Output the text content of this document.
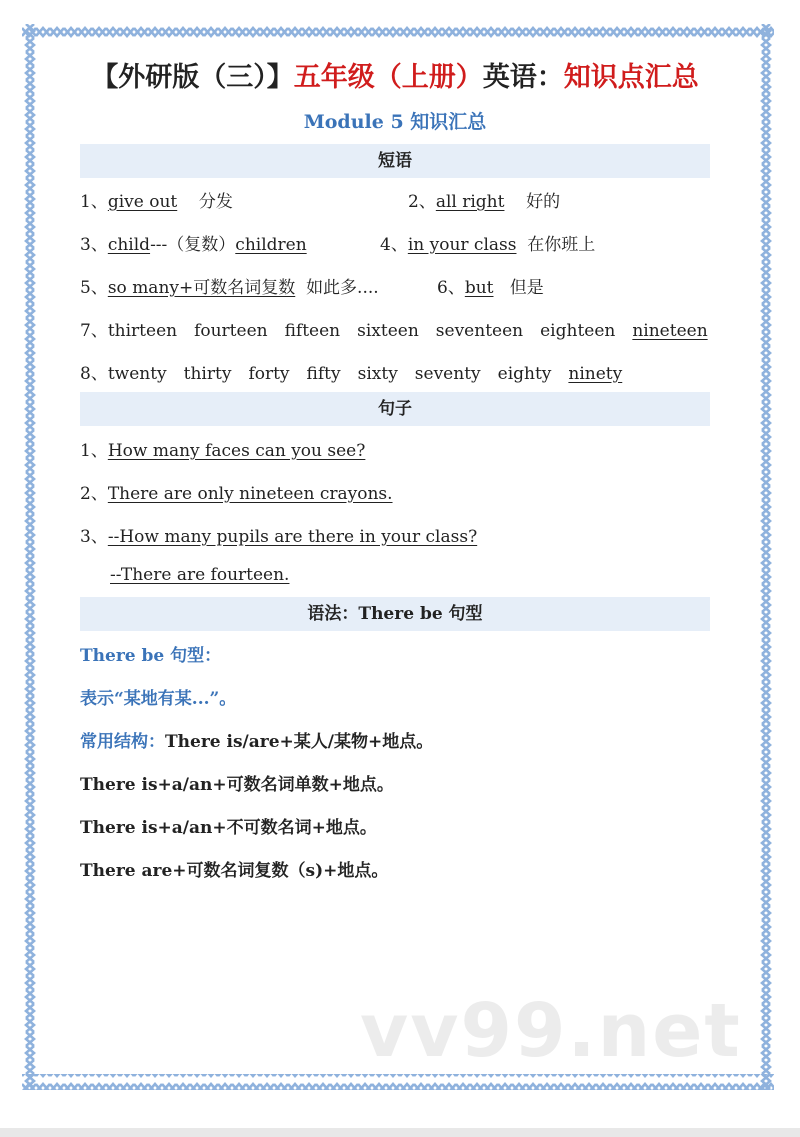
vv99.net
【外研版（三）】五年级（上册）英语：知识点汇总
Module 5 知识汇总
短语
1、give out 分发	2、all right 好的
3、child---（复数）children	4、in your class 在你班上
5、so many+可数名词复数 如此多....	6、but 但是
7、thirteen fourteen fifteen sixteen seventeen eighteen nineteen
8、twenty thirty forty fifty sixty seventy eighty ninety
句子
1、How many faces can you see?
2、There are only nineteen crayons.
3、--How many pupils are there in your class?
--There are fourteen.
语法：There be 句型
There be 句型：
表示“某地有某...”。
常用结构：There is/are+某人/某物+地点。
There is+a/an+可数名词单数+地点。
There is+a/an+不可数名词+地点。
There are+可数名词复数（s)+地点。
